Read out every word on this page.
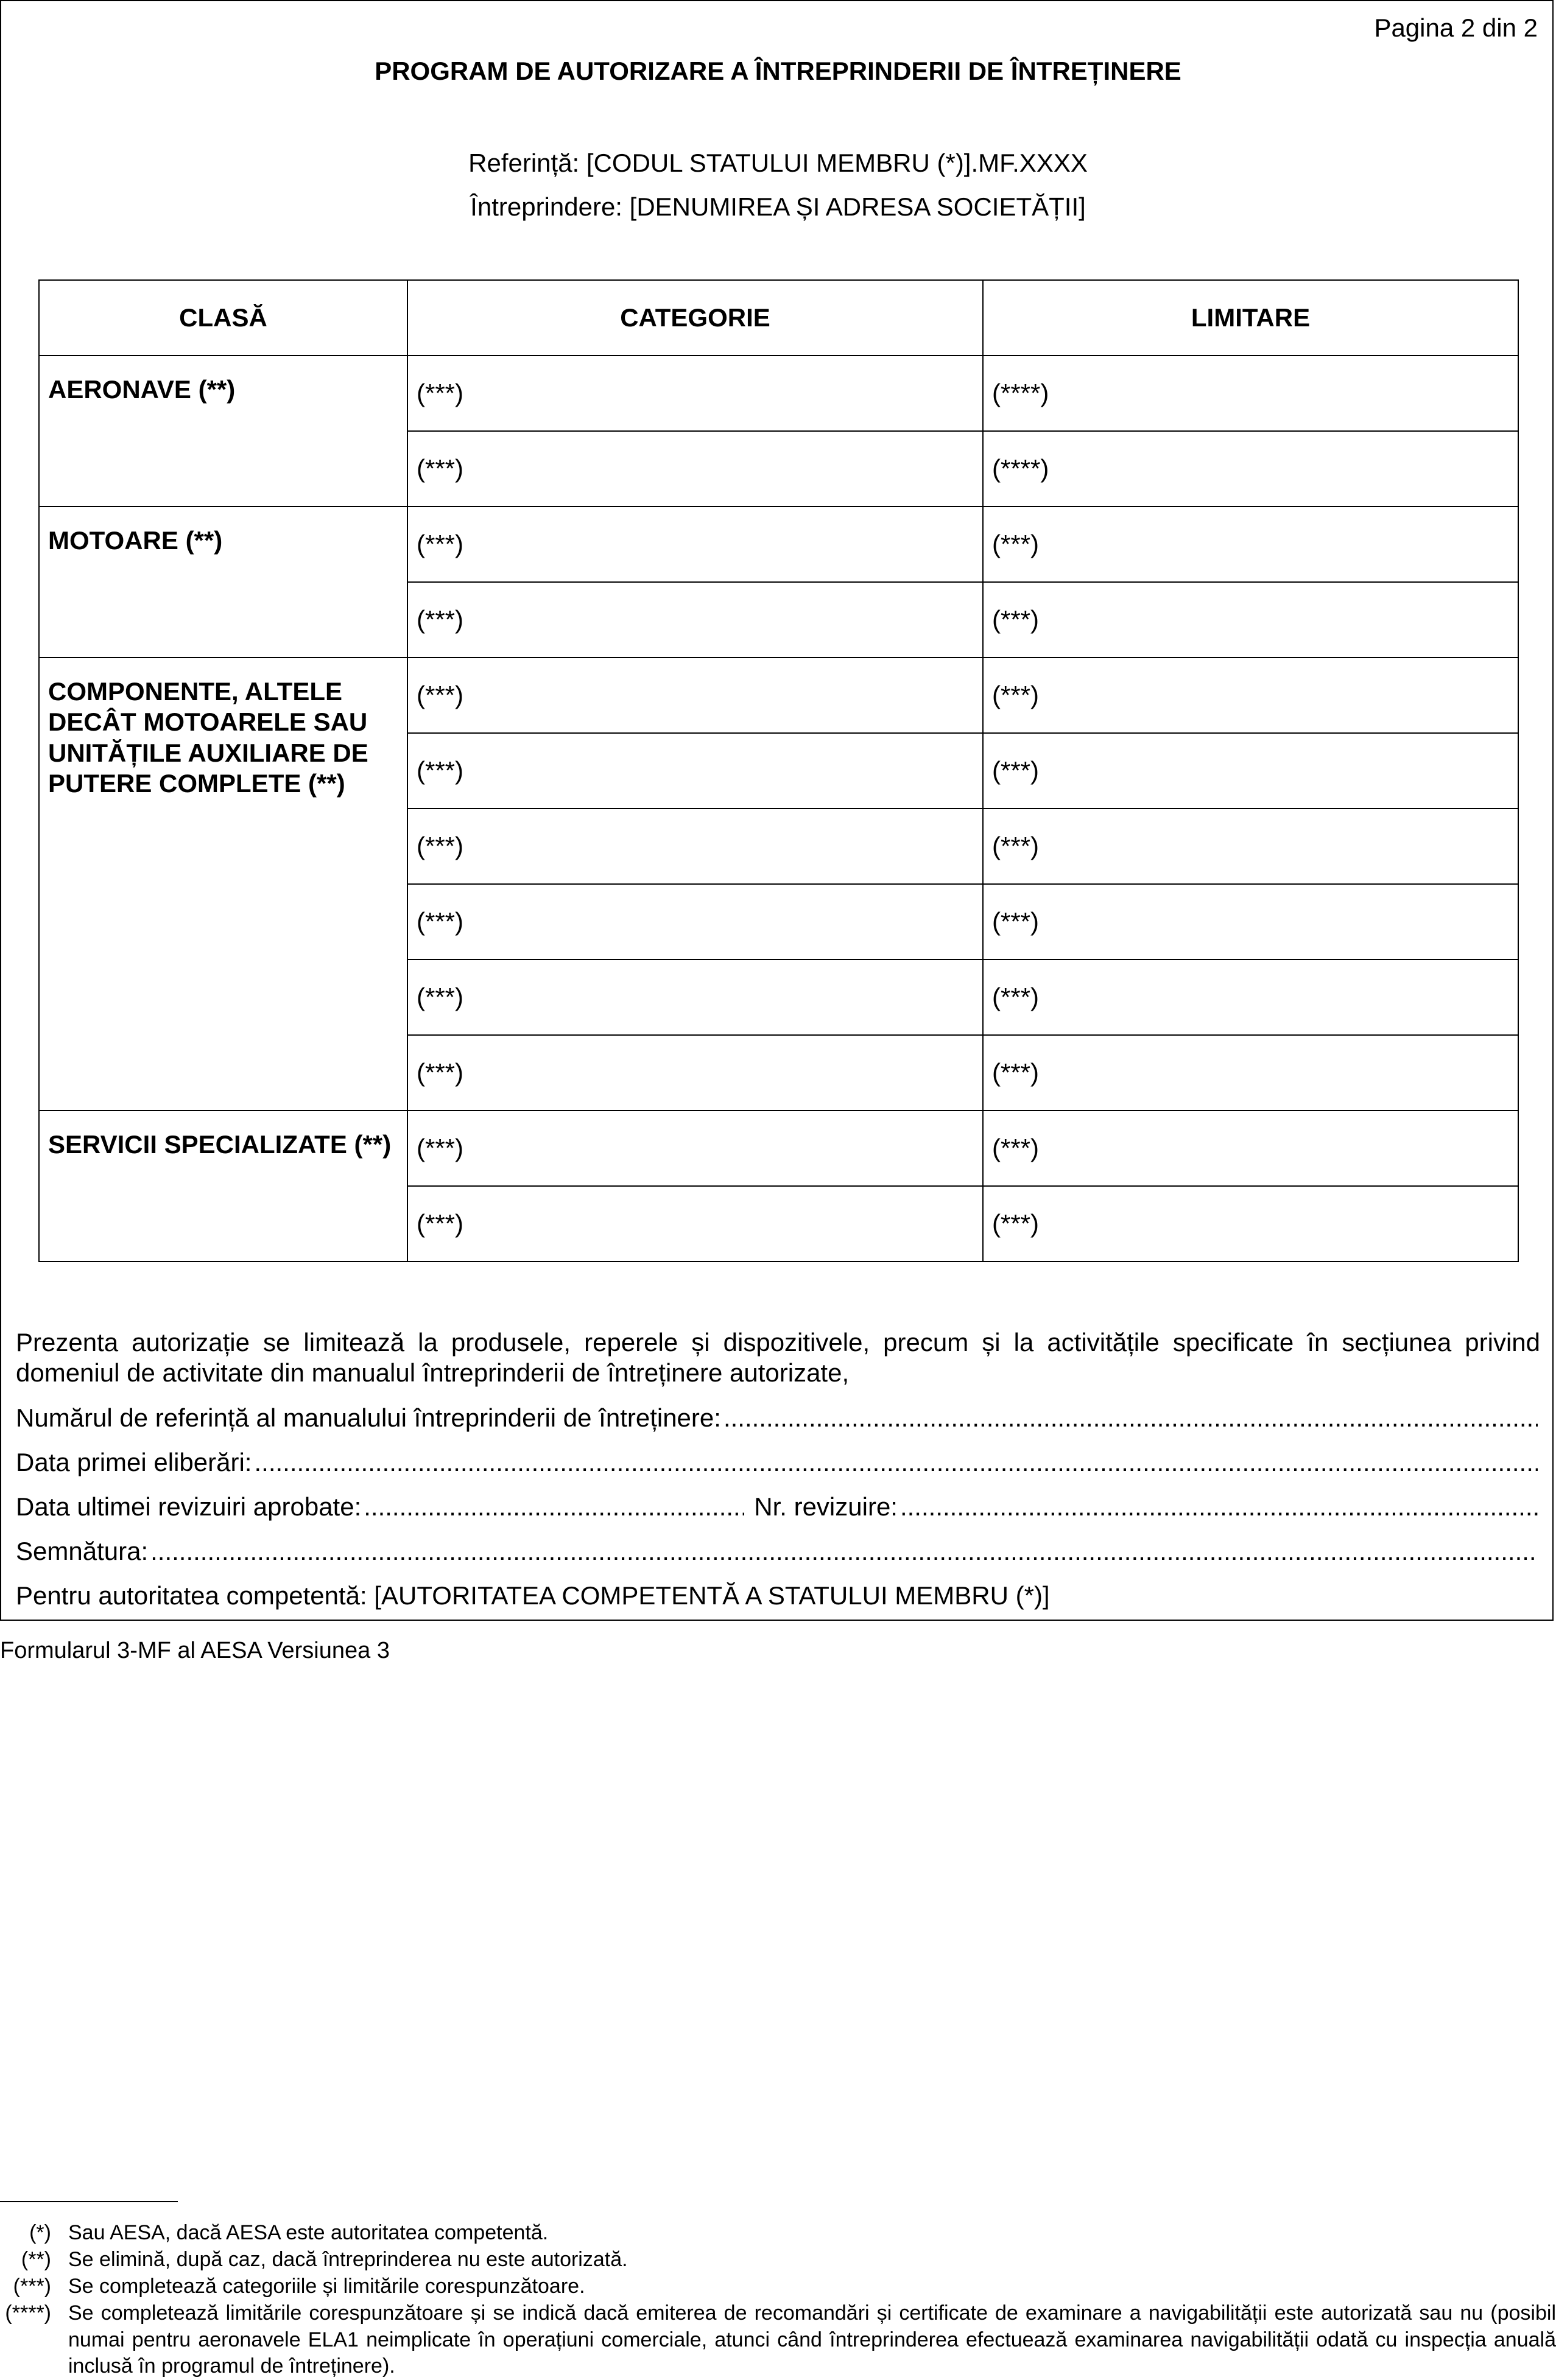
Pagina 2 din 2
PROGRAM DE AUTORIZARE A ÎNTREPRINDERII DE ÎNTREȚINERE
Referință: [CODUL STATULUI MEMBRU (*)].MF.XXXX
Întreprindere: [DENUMIREA ȘI ADRESA SOCIETĂȚII]
CLASĂ	CATEGORIE	LIMITARE
AERONAVE (**)	(***)	(****)
	(***)	(****)
MOTOARE (**)	(***)	(***)
	(***)	(***)
COMPONENTE, ALTELE DECÂT MOTOARELE SAU UNITĂȚILE AUXILIARE DE PUTERE COMPLETE (**)	(***)	(***)
	(***)	(***)
	(***)	(***)
	(***)	(***)
	(***)	(***)
	(***)	(***)
SERVICII SPECIALIZATE (**)	(***)	(***)
	(***)	(***)
Prezenta autorizație se limitează la produsele, reperele și dispozitivele, precum și la activitățile specificate în secțiunea privind domeniul de activitate din manualul întreprinderii de întreținere autorizate,
Numărul de referință al manualului întreprinderii de întreținere:
.....
Data primei eliberări:
.....
Data ultimei revizuiri aprobate: .....	Nr. revizuire:
.....
Semnătura:
.....
Pentru autoritatea competentă: [AUTORITATEA COMPETENTĂ A STATULUI MEMBRU (*)]
Formularul 3-MF al AESA Versiunea 3
(*) Sau AESA, dacă AESA este autoritatea competentă.
(**) Se elimină, după caz, dacă întreprinderea nu este autorizată.
(***) Se completează categoriile și limitările corespunzătoare.
(****) Se completează limitările corespunzătoare și se indică dacă emiterea de recomandări și certificate de examinare a navigabilității este autorizată sau nu (posibil numai pentru aeronavele ELA1 neimplicate în operațiuni comerciale, atunci când întreprinderea efectuează examinarea navigabilității odată cu inspecția anuală inclusă în programul de întreținere).
